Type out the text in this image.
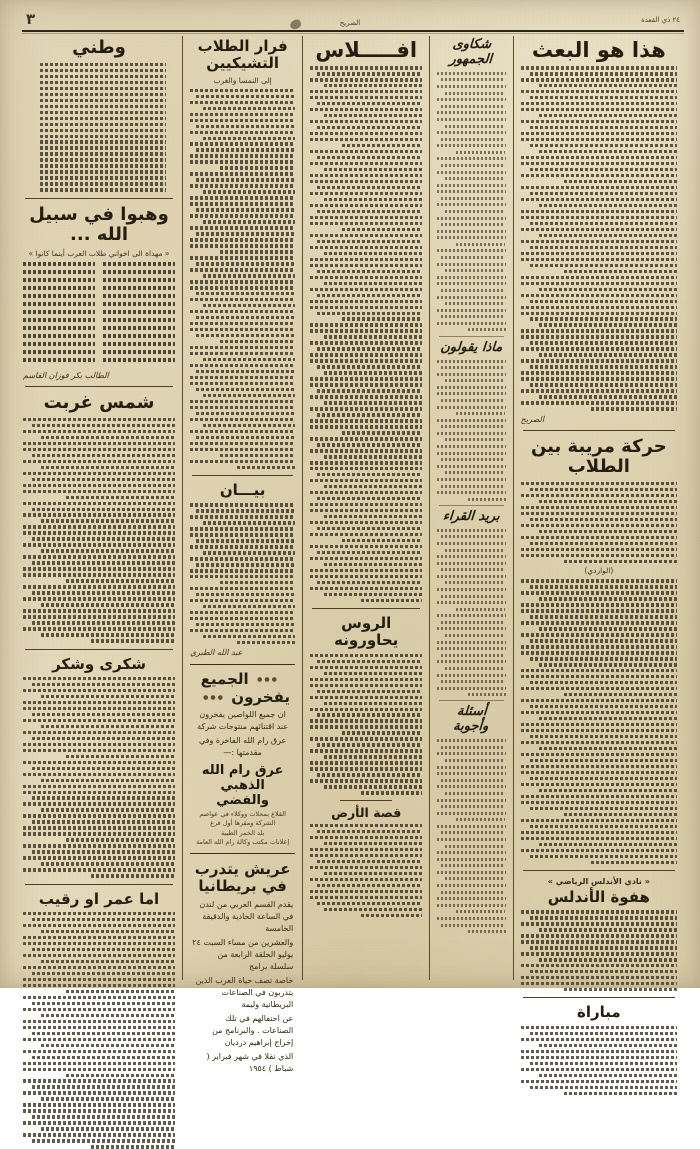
٣	الصريح	٢٤ ذي القعدة
هذا هو البعث
الصريح
حركة مريبة بين الطلاب
(الواردي)
« نادي الأندلس الرياضي »
هفوة الأندلس
مباراة
شكاوى الجمهور
ماذا يقولون
بريد القراء
أسئلة وأجوبة
افـــــلاس
الروس يحاورونه
قصة الأرض
فرار الطلاب التشيكيين
إلى النمسا والغرب
بيـــان
عبد الله الطبري
الجميع يفخرون
ان جميع اللواصين يفخرون عند اقتنائهم منتوجات شركة
عرق رام الله الفاخرة وفي مقدمتها :—
عرق رام الله الذهبي والفضي
القلاع بمحلات ووكلاء في عواصم الشركة ومقرها أول فرع
بلد الخمر الطيبة
إعلانات مكتب وكالة رام الله العامة
عريش يتدرب في بريطانيا
يقدم القسم العربي من لندن في الساعة الحادية والدقيقة الخامسة
والعشرين من مساء السبت ٢٤ يوليو الحلقة الرابعة من سلسلة برامج
خاصة تصف حياة العرب الذين يتدربون في الصناعات البريطانية وليمة
عن احتفالهم في تلك الصناعات . والبرنامج من إخراج إبراهيم درديان
الذي نقلا في شهر فبراير ( شباط ) ١٩٥٤
وطني
وهبوا في سبيل الله ...
« مهداة الى اخواني طلاب العرب أينما كانوا »
الطالب بكر فوزان القاسم
شمس غربت
شكرى وشكر
اما عمر او رقيب
